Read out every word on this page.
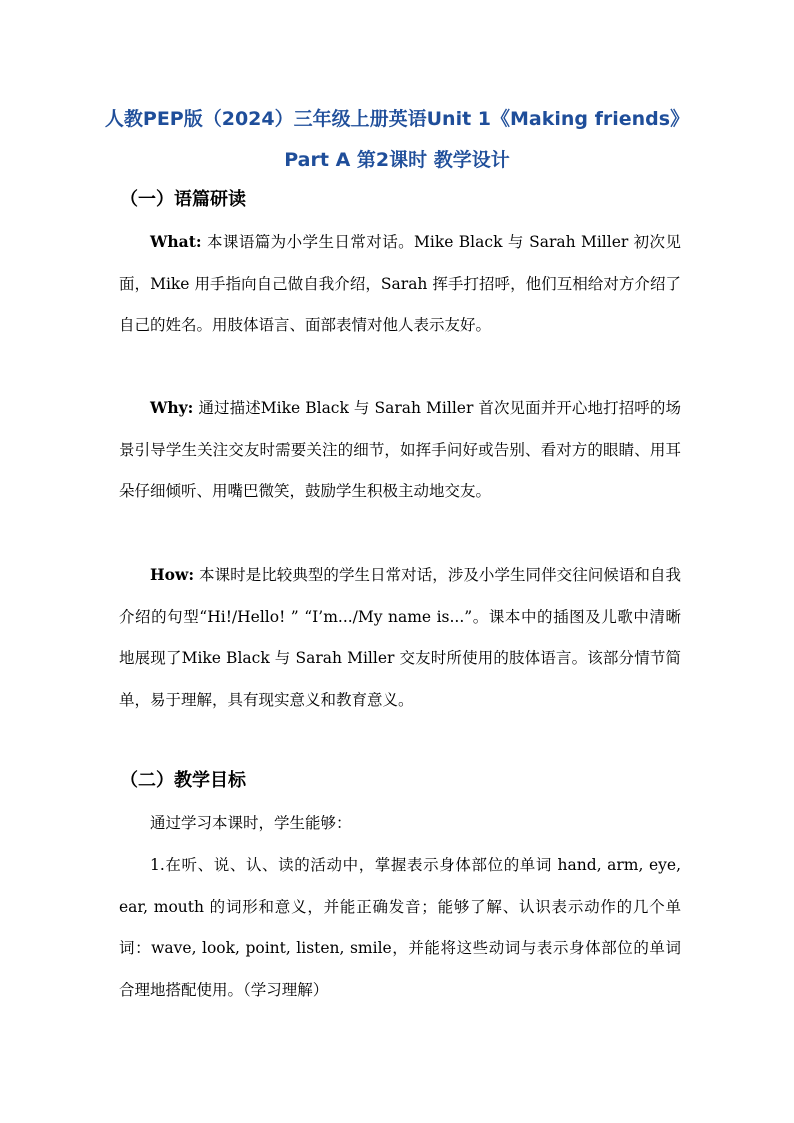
人教PEP版（2024）三年级上册英语Unit 1《Making friends》
Part A 第2课时 教学设计
（一）语篇研读
What: 本课语篇为小学生日常对话。Mike Black 与 Sarah Miller 初次见面，Mike 用手指向自己做自我介绍，Sarah 挥手打招呼，他们互相给对方介绍了自己的姓名。用肢体语言、面部表情对他人表示友好。
Why: 通过描述Mike Black 与 Sarah Miller 首次见面并开心地打招呼的场景引导学生关注交友时需要关注的细节，如挥手问好或告别、看对方的眼睛、用耳朵仔细倾听、用嘴巴微笑，鼓励学生积极主动地交友。
How: 本课时是比较典型的学生日常对话，涉及小学生同伴交往问候语和自我介绍的句型“Hi!/Hello! ” “I’m.../My name is...”。课本中的插图及儿歌中清晰地展现了Mike Black 与 Sarah Miller 交友时所使用的肢体语言。该部分情节简单，易于理解，具有现实意义和教育意义。
（二）教学目标
通过学习本课时，学生能够：
1.在听、说、认、读的活动中，掌握表示身体部位的单词 hand, arm, eye, ear, mouth 的词形和意义，并能正确发音；能够了解、认识表示动作的几个单词：wave, look, point, listen, smile，并能将这些动词与表示身体部位的单词合理地搭配使用。（学习理解）
